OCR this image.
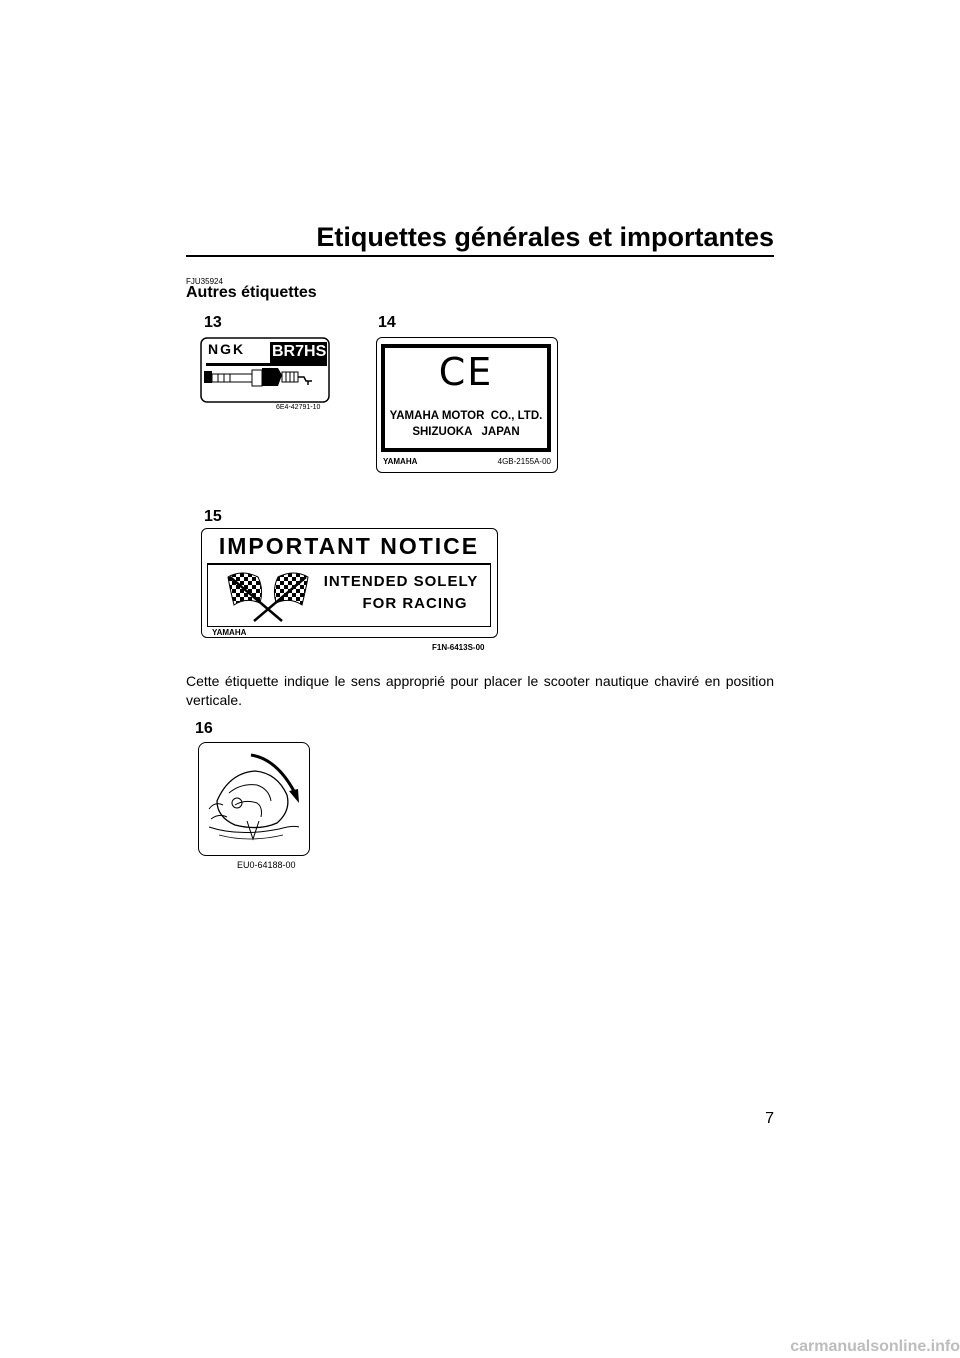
Etiquettes générales et importantes
FJU35924
Autres étiquettes
13
NGK BR7HS
6E4-42791-10
14
CE
YAMAHA MOTOR  CO., LTD.
SHIZUOKA   JAPAN
YAMAHA	4GB-2155A-00
15
IMPORTANT NOTICE
INTENDED SOLELY
FOR RACING
YAMAHA
F1N-6413S-00
Cette étiquette indique le sens approprié pour placer le scooter nautique chaviré en position verticale.
16
EU0-64188-00
7
carmanualsonline.info
